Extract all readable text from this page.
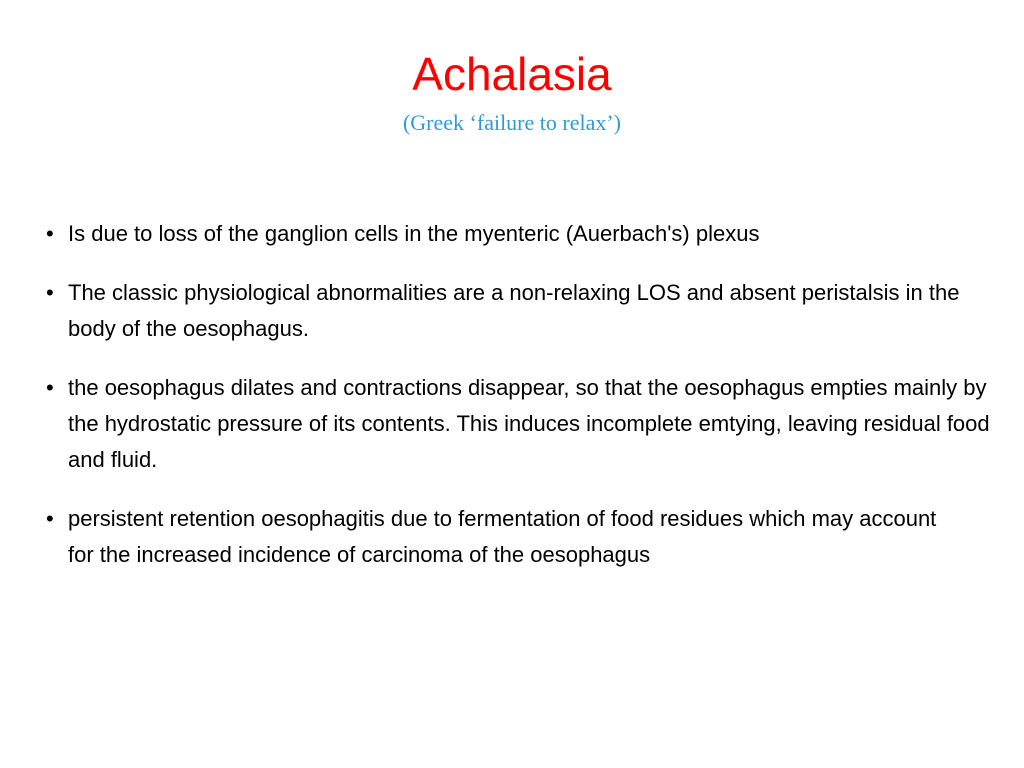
Achalasia
(Greek ‘failure to relax’)
• Is due to loss of the ganglion cells in the myenteric (Auerbach's) plexus
• The classic physiological abnormalities are a non-relaxing LOS and absent peristalsis in the body of the oesophagus.
• the oesophagus dilates and contractions disappear, so that the oesophagus empties mainly by the hydrostatic pressure of its contents. This induces incomplete emtying, leaving residual food and fluid.
• persistent retention oesophagitis due to fermentation of food residues which may account for the increased incidence of carcinoma of the oesophagus
